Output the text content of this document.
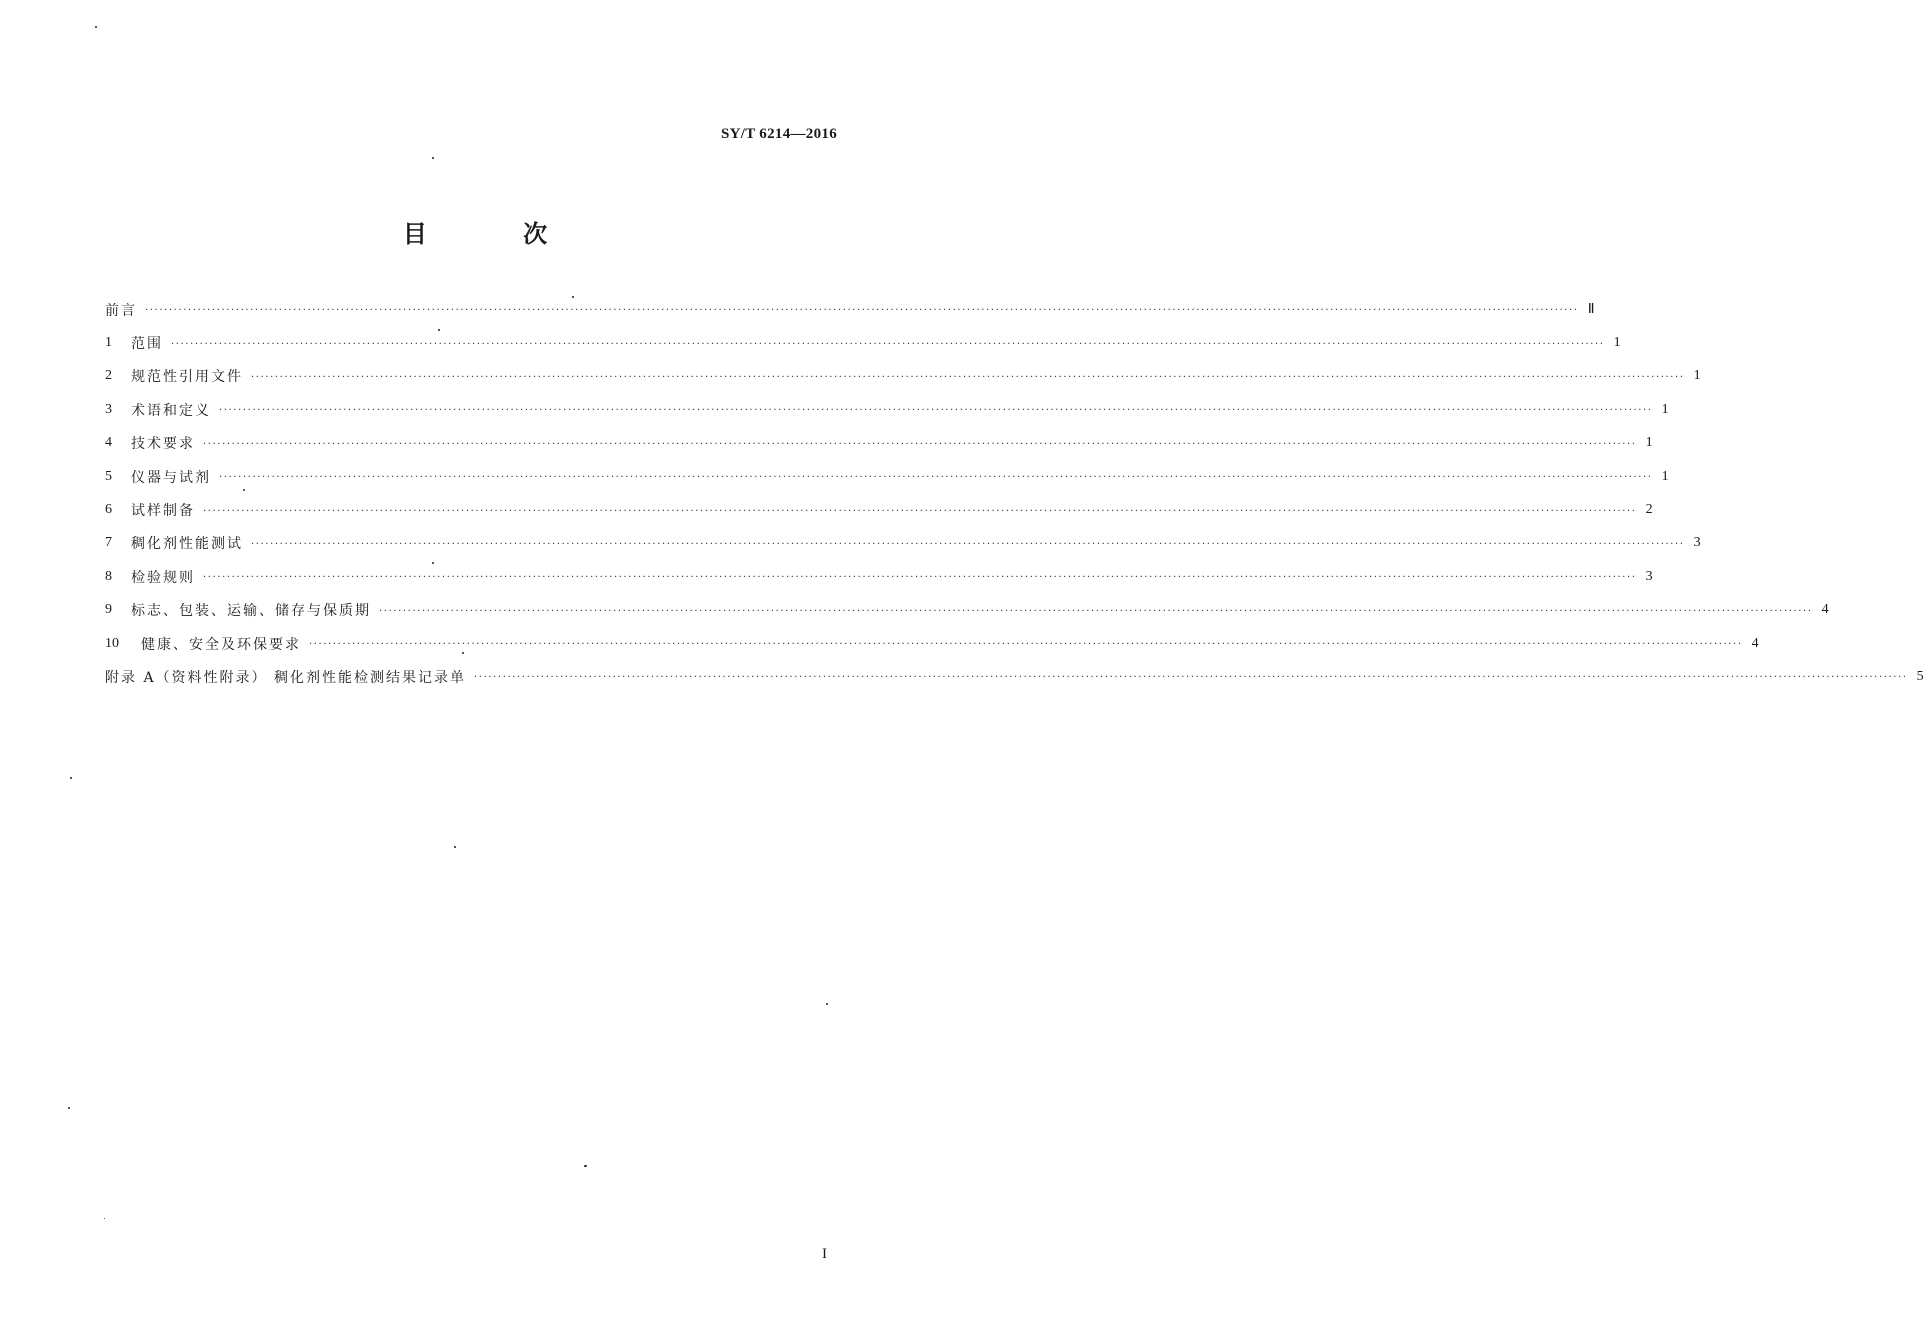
SY/T 6214—2016
目 次
前言 ············································································································································································································································································································ Ⅱ
1	范围 ············································································································································································································································································································ 1
2	规范性引用文件 ············································································································································································································································································································ 1
3	术语和定义 ············································································································································································································································································································ 1
4	技术要求 ············································································································································································································································································································ 1
5	仪器与试剂 ············································································································································································································································································································ 1
6	试样制备 ············································································································································································································································································································ 2
7	稠化剂性能测试 ············································································································································································································································································································ 3
8	检验规则 ············································································································································································································································································································ 3
9	标志、包装、运输、储存与保质期 ············································································································································································································································································································ 4
10	健康、安全及环保要求 ············································································································································································································································································································ 4
附录 A（资料性附录） 稠化剂性能检测结果记录单 ············································································································································································································································································································ 5
I
